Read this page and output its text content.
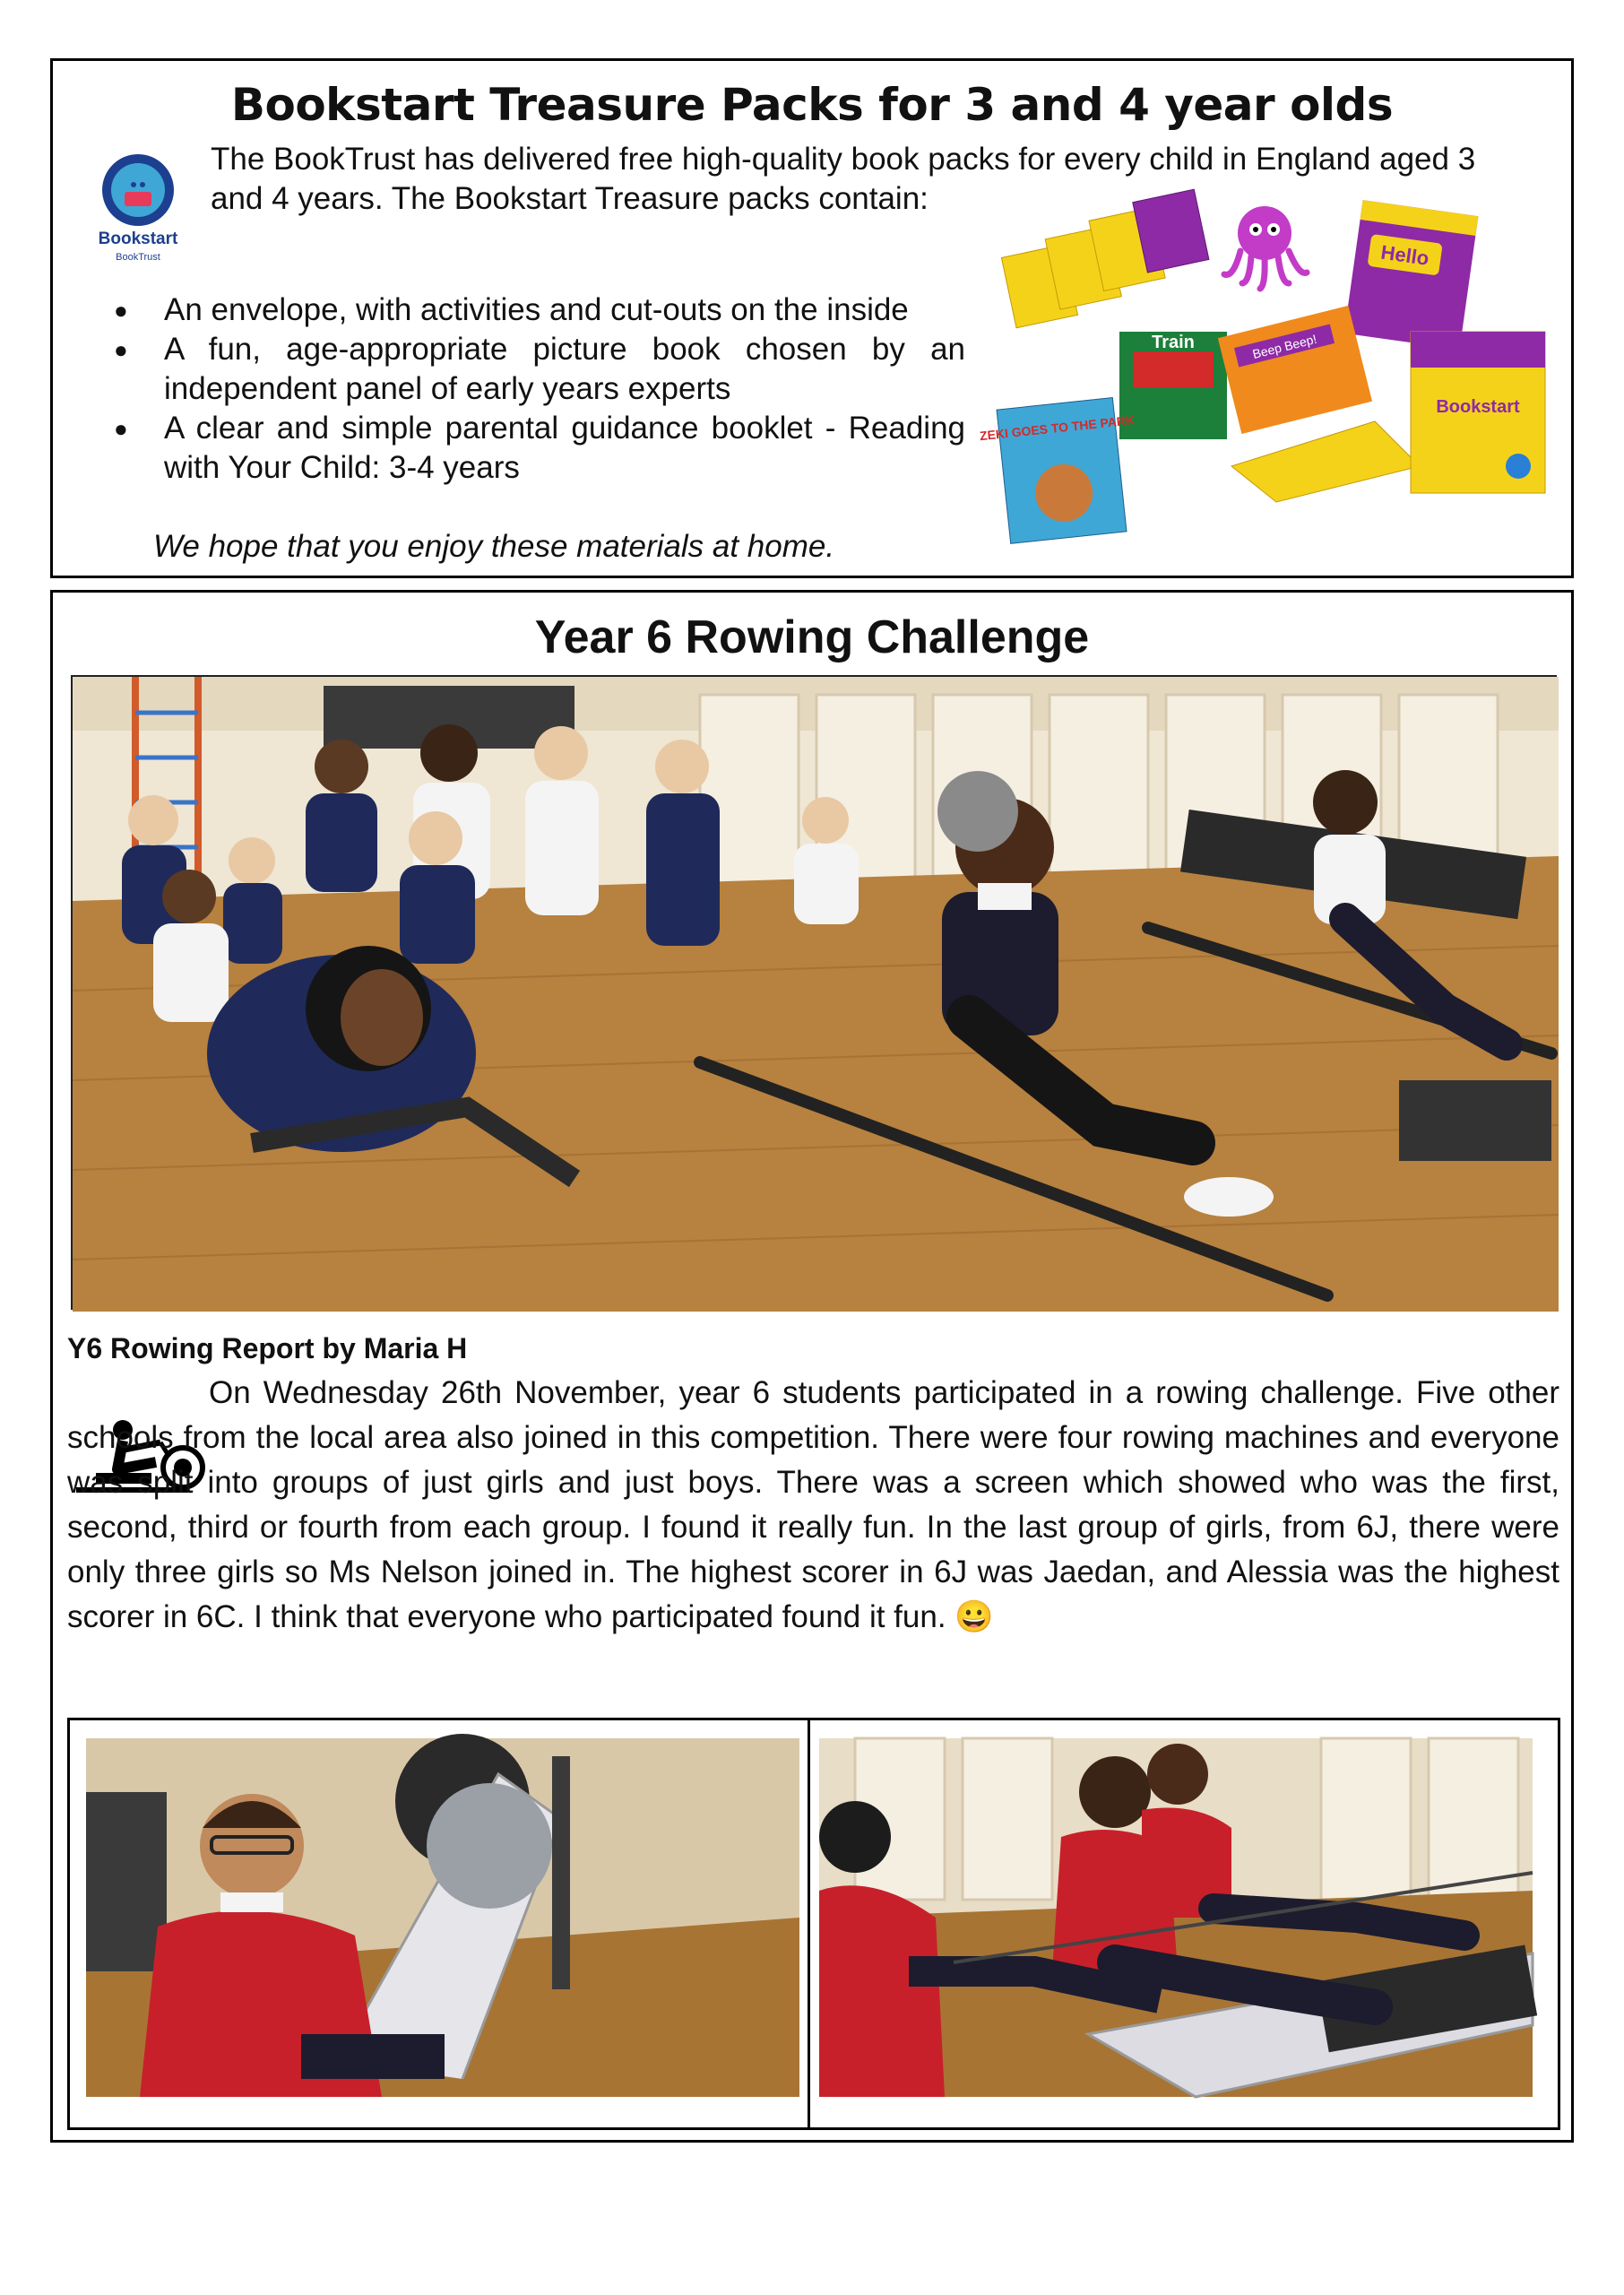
Bookstart Treasure Packs for 3 and 4 year olds
Bookstart
BookTrust
The BookTrust has delivered free high-quality book packs for every child in England aged 3
and 4 years. The Bookstart Treasure packs contain:
● An envelope, with activities and cut-outs on the inside
● A fun, age-appropriate picture book chosen by an independent panel of early years experts
● A clear and simple parental guidance booklet - Reading with Your Child: 3-4 years
We hope that you enjoy these materials at home.
Hello
Train	Beep Beep!
Bookstart
ZEKI GOES TO THE PARK
Year 6 Rowing Challenge
Y6 Rowing Report by Maria H

On Wednesday 26th November, year 6 students participated in a rowing challenge. Five other schools from the local area also joined in this competition. There were four rowing machines and everyone was split into groups of just girls and just boys. There was a screen which showed who was the first, second, third or fourth from each group. I found it really fun. In the last group of girls, from 6J, there were only three girls so Ms Nelson joined in. The highest scorer in 6J was Jaedan, and Alessia was the highest scorer in 6C. I think that everyone who participated found it fun. 😀
